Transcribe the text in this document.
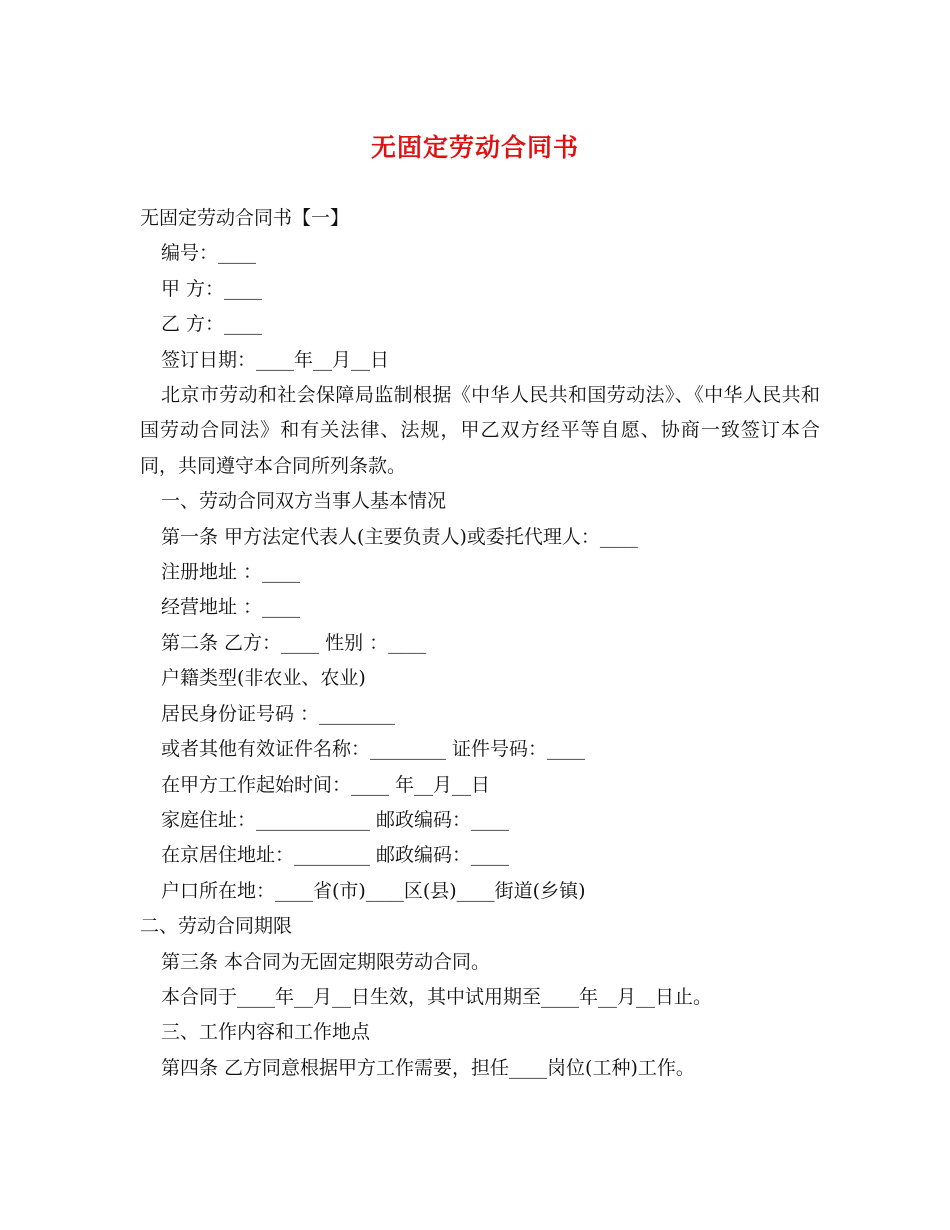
无固定劳动合同书

无固定劳动合同书【一】

编号：____

甲 方：____

乙 方：____

签订日期：____年__月__日

北京市劳动和社会保障局监制根据《中华人民共和国劳动法》、《中华人民共和国劳动合同法》和有关法律、法规，甲乙双方经平等自愿、协商一致签订本合同，共同遵守本合同所列条款。

一、劳动合同双方当事人基本情况

第一条 甲方法定代表人(主要负责人)或委托代理人：____

注册地址 ：____

经营地址 ：____

第二条 乙方：____ 性别 ：____

户籍类型(非农业、农业)

居民身份证号码 ：________

或者其他有效证件名称：________ 证件号码：____

在甲方工作起始时间：____ 年__月__日

家庭住址：____________ 邮政编码：____

在京居住地址：________ 邮政编码：____

户口所在地：____省(市)____区(县)____街道(乡镇)

二、劳动合同期限

第三条 本合同为无固定期限劳动合同。

本合同于____年__月__日生效，其中试用期至____年__月__日止。

三、工作内容和工作地点

第四条 乙方同意根据甲方工作需要，担任____岗位(工种)工作。
